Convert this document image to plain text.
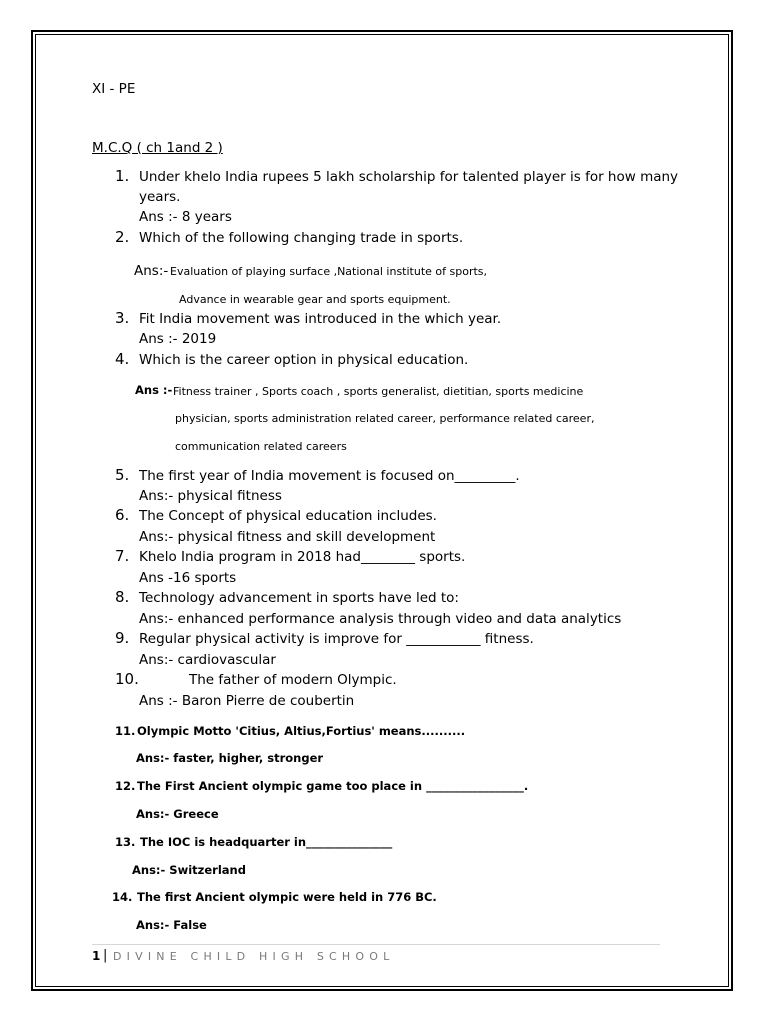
XI - PE
M.C.Q ( ch 1and 2 )
1. Under khelo India rupees 5 lakh scholarship for talented player is for how many
years.
Ans :- 8 years
2. Which of the following changing trade in sports.
Ans:- Evaluation of playing surface ,National institute of sports,
Advance in wearable gear and sports equipment.
3. Fit India movement was introduced in the which year.
Ans :- 2019
4. Which is the career option in physical education.
Ans :- Fitness trainer , Sports coach , sports generalist, dietitian, sports medicine
physician, sports administration related career, performance related career,
communication related careers
5. The first year of India movement is focused on_________.
Ans:- physical fitness
6. The Concept of physical education includes.
Ans:- physical fitness and skill development
7. Khelo India program in 2018 had________ sports.
Ans -16 sports
8. Technology advancement in sports have led to:
Ans:- enhanced performance analysis through video and data analytics
9. Regular physical activity is improve for ___________ fitness.
Ans:- cardiovascular
10.	The father of modern Olympic.
Ans :- Baron Pierre de coubertin
11. Olympic Motto 'Citius, Altius,Fortius' means..........
Ans:- faster, higher, stronger
12. The First Ancient olympic game too place in _________________.
Ans:- Greece
13. The IOC is headquarter in_______________
Ans:- Switzerland
14. The first Ancient olympic were held in 776 BC.
Ans:- False
1 | DIVINE CHILD HIGH SCHOOL
